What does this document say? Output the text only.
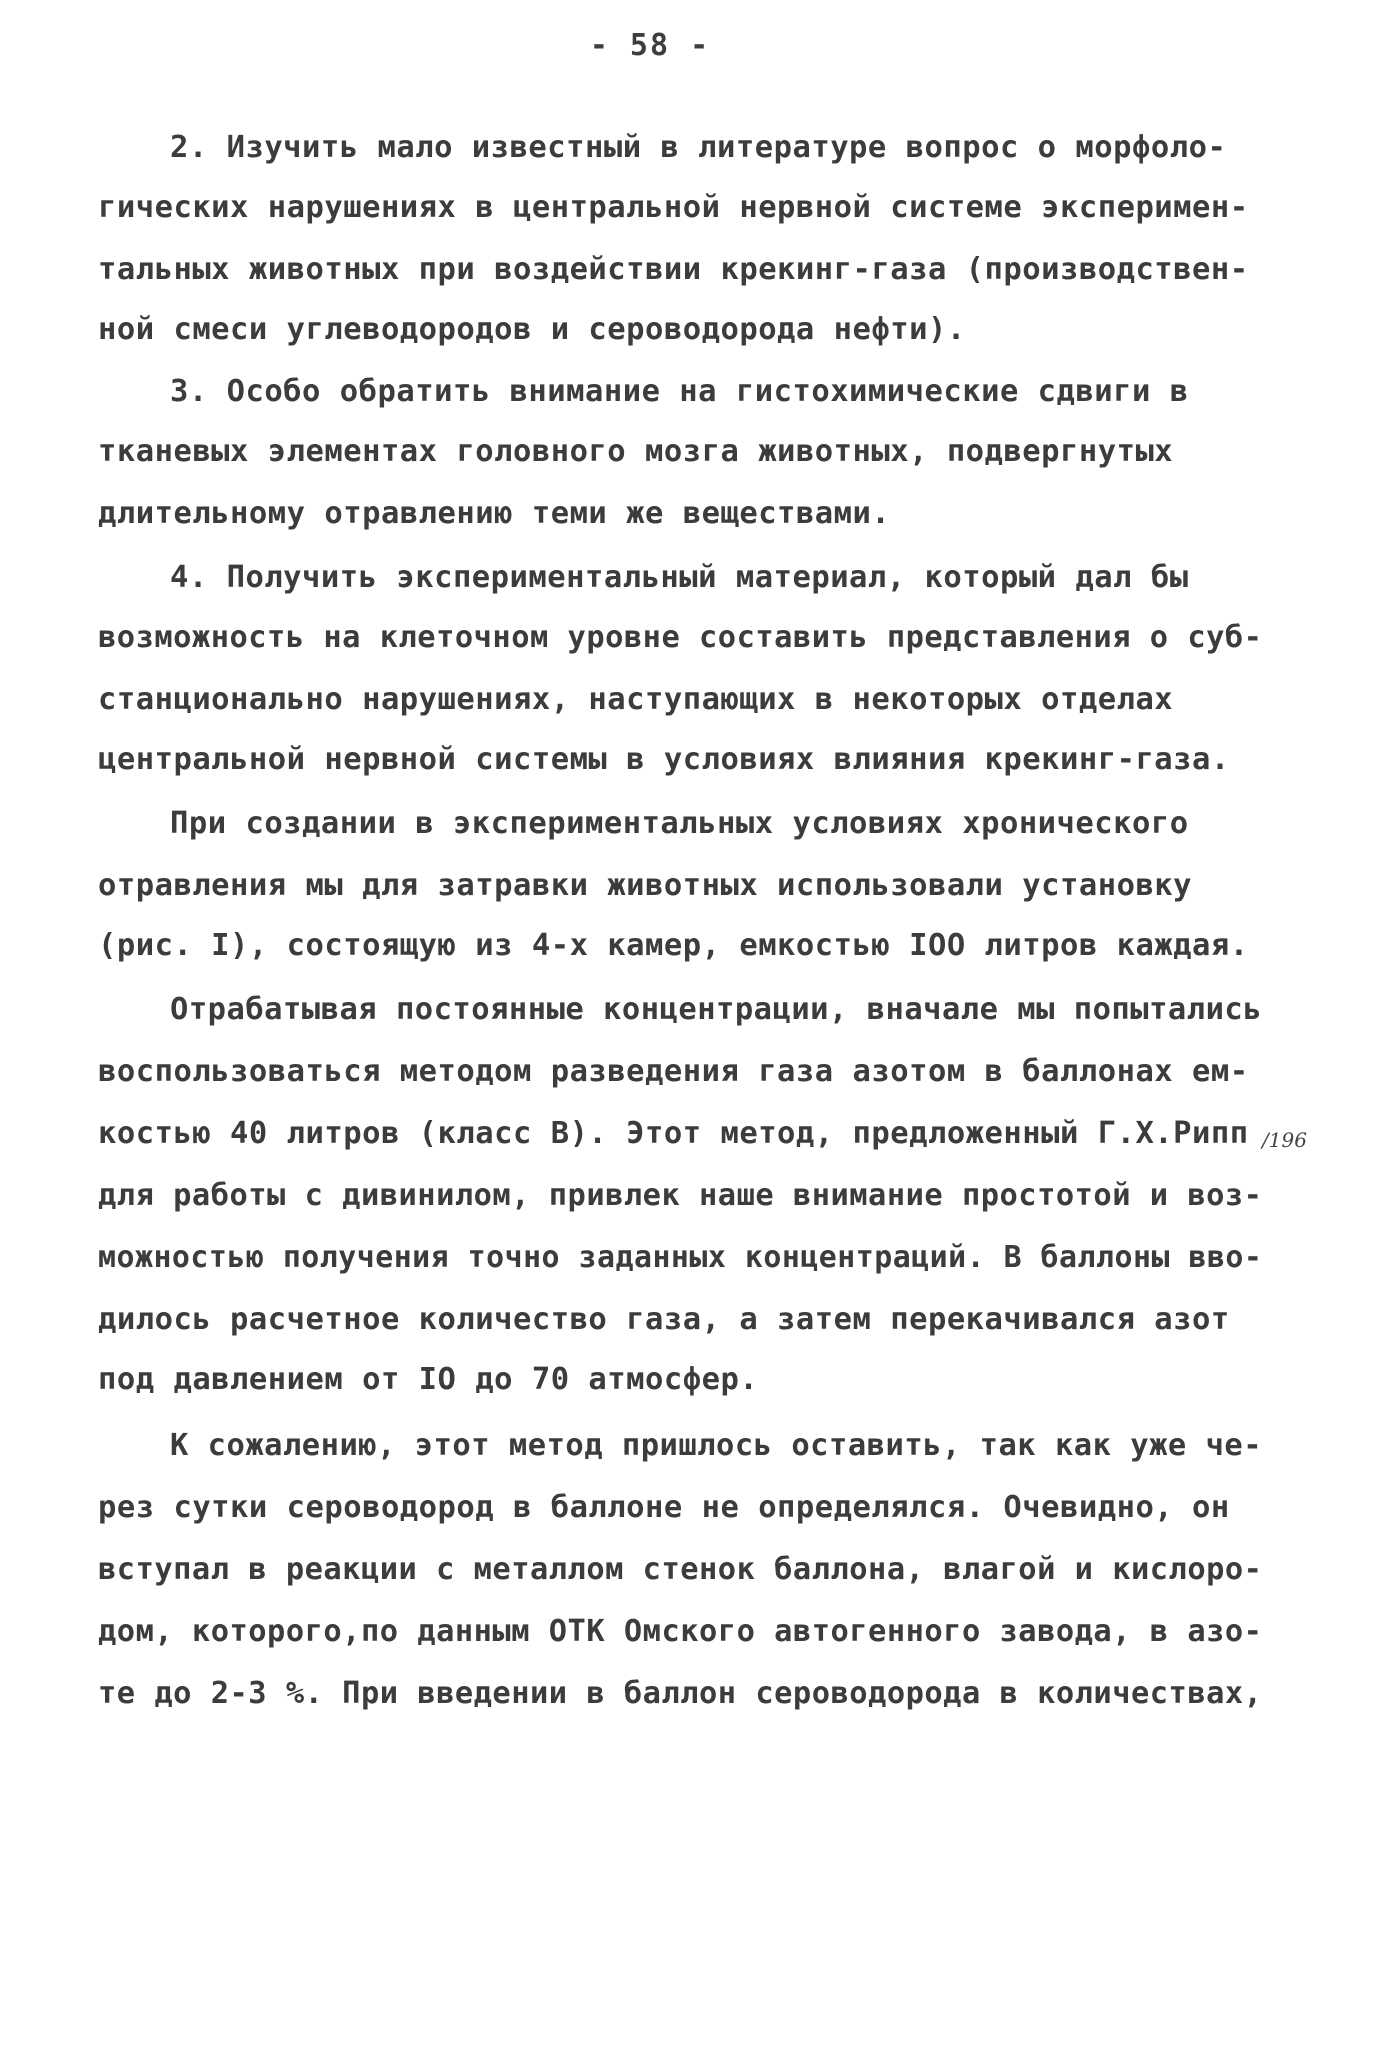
- 58 -
2. Изучить мало известный в литературе вопрос о морфоло-
гических нарушениях в центральной нервной системе эксперимен-
тальных животных при воздействии крекинг-газа (производствен-
ной смеси углеводородов и сероводорода нефти).
3. Особо обратить внимание на гистохимические сдвиги в
тканевых элементах головного мозга животных, подвергнутых
длительному отравлению теми же веществами.
4. Получить экспериментальный материал, который дал бы
возможность на клеточном уровне составить представления о суб-
станционально нарушениях, наступающих в некоторых отделах
центральной нервной системы в условиях влияния крекинг-газа.
При создании в экспериментальных условиях хронического
отравления мы для затравки животных использовали установку
(рис. I), состоящую из 4-х камер, емкостью IOO литров каждая.
Отрабатывая постоянные концентрации, вначале мы попытались
воспользоваться методом разведения газа азотом в баллонах ем-
костью 40 литров (класс В). Этот метод, предложенный Г.Х.Рипп
для работы с дивинилом, привлек наше внимание простотой и воз-
можностью получения точно заданных концентраций. В баллоны вво-
дилось расчетное количество газа, а затем перекачивался азот
под давлением от IO до 70 атмосфер.
К сожалению, этот метод пришлось оставить, так как уже че-
рез сутки сероводород в баллоне не определялся. Очевидно, он
вступал в реакции с металлом стенок баллона, влагой и кислоро-
дом, которого,по данным ОТК Омского автогенного завода, в азо-
те до 2-3 %. При введении в баллон сероводорода в количествах,
/196
